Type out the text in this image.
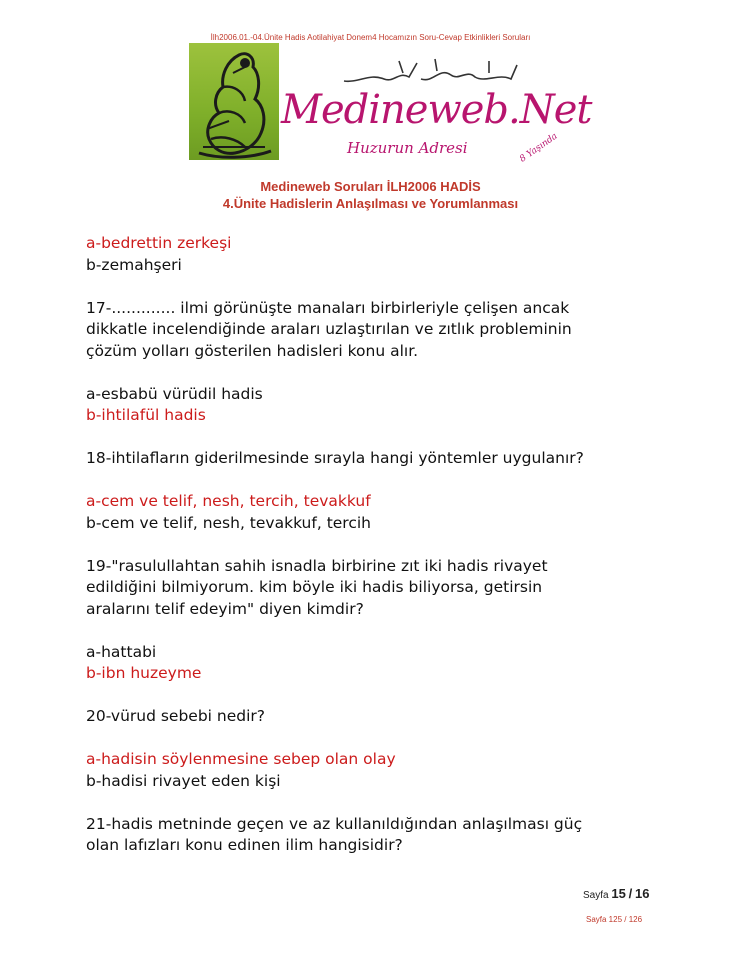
İlh2006.01.-04.Ünite Hadis Aotilahiyat Donem4 Hocamızın Soru-Cevap Etkinlikleri Soruları
Medineweb.Net
Huzurun Adresi	8 Yaşında
Medineweb Soruları İLH2006 HADİS
4.Ünite Hadislerin Anlaşılması ve Yorumlanması
a-bedrettin zerkeşi
b-zemahşeri
17-............. ilmi görünüşte manaları birbirleriyle çelişen ancak
dikkatle incelendiğinde araları uzlaştırılan ve zıtlık probleminin
çözüm yolları gösterilen hadisleri konu alır.
a-esbabü vürüdil hadis
b-ihtilafül hadis
18-ihtilafların giderilmesinde sırayla hangi yöntemler uygulanır?
a-cem ve telif, nesh, tercih, tevakkuf
b-cem ve telif, nesh, tevakkuf, tercih
19-"rasulullahtan sahih isnadla birbirine zıt iki hadis rivayet
edildiğini bilmiyorum. kim böyle iki hadis biliyorsa, getirsin
aralarını telif edeyim" diyen kimdir?
a-hattabi
b-ibn huzeyme
20-vürud sebebi nedir?
a-hadisin söylenmesine sebep olan olay
b-hadisi rivayet eden kişi
21-hadis metninde geçen ve az kullanıldığından anlaşılması güç
olan lafızları konu edinen ilim hangisidir?
Sayfa 15 / 16
Sayfa 125 / 126
